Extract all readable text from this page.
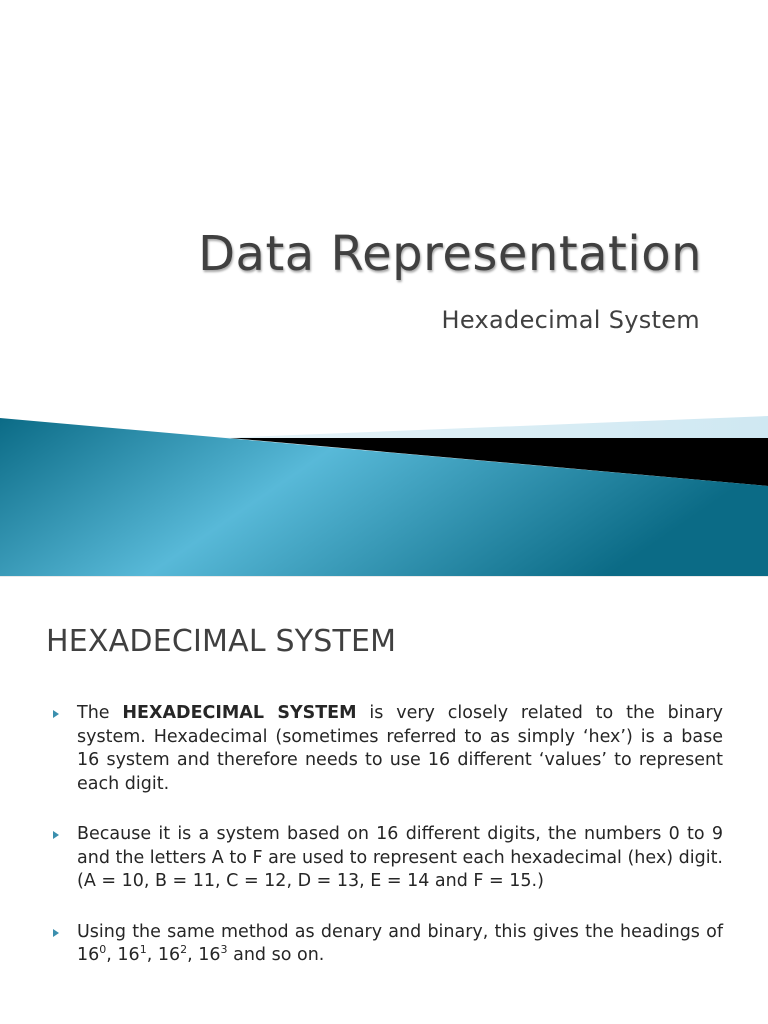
Data Representation
Hexadecimal System
HEXADECIMAL SYSTEM
The HEXADECIMAL SYSTEM is very closely related to the binary system. Hexadecimal (sometimes referred to as simply ‘hex’) is a base 16 system and therefore needs to use 16 different ‘values’ to represent each digit.
Because it is a system based on 16 different digits, the numbers 0 to 9 and the letters A to F are used to represent each hexadecimal (hex) digit. (A = 10, B = 11, C = 12, D = 13, E = 14 and F = 15.)
Using the same method as denary and binary, this gives the headings of $16^0$, $16^1$, $16^2$, $16^3$ and so on.
